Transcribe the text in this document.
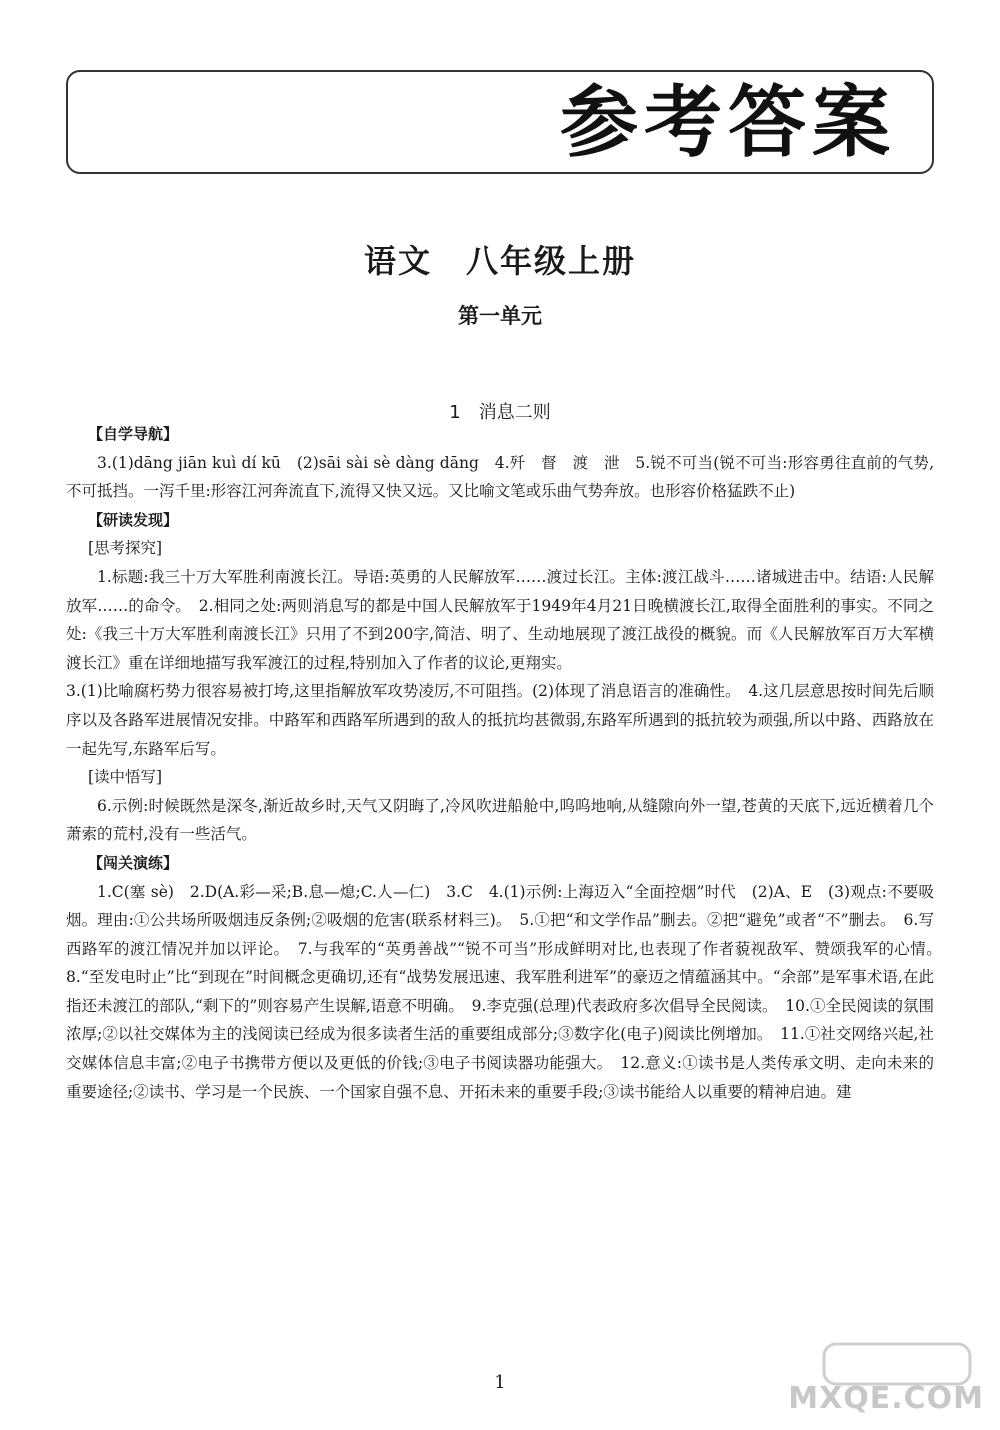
参考答案
语文　八年级上册
第一单元
1　消息二则
【自学导航】
3.(1)dāng jiān kuì dí kū　(2)sāi sài sè dàng dāng　4.歼　督　渡　泄　5.锐不可当(锐不可当:形容勇往直前的气势,不可抵挡。一泻千里:形容江河奔流直下,流得又快又远。又比喻文笔或乐曲气势奔放。也形容价格猛跌不止)
【研读发现】
[思考探究]
1.标题:我三十万大军胜利南渡长江。导语:英勇的人民解放军……渡过长江。主体:渡江战斗……诸城进击中。结语:人民解放军……的命令。　2.相同之处:两则消息写的都是中国人民解放军于1949年4月21日晚横渡长江,取得全面胜利的事实。不同之处:《我三十万大军胜利南渡长江》只用了不到200字,简洁、明了、生动地展现了渡江战役的概貌。而《人民解放军百万大军横渡长江》重在详细地描写我军渡江的过程,特别加入了作者的议论,更翔实。
3.(1)比喻腐朽势力很容易被打垮,这里指解放军攻势凌厉,不可阻挡。(2)体现了消息语言的准确性。　4.这几层意思按时间先后顺序以及各路军进展情况安排。中路军和西路军所遇到的敌人的抵抗均甚微弱,东路军所遇到的抵抗较为顽强,所以中路、西路放在一起先写,东路军后写。
[读中悟写]
6.示例:时候既然是深冬,渐近故乡时,天气又阴晦了,冷风吹进船舱中,呜呜地响,从缝隙向外一望,苍黄的天底下,远近横着几个萧索的荒村,没有一些活气。
【闯关演练】
1.C(塞 sè)　2.D(A.彩—采;B.息—熄;C.人—仁)　3.C　4.(1)示例:上海迈入“全面控烟”时代　(2)A、E　(3)观点:不要吸烟。理由:①公共场所吸烟违反条例;②吸烟的危害(联系材料三)。　5.①把“和文学作品”删去。②把“避免”或者“不”删去。　6.写西路军的渡江情况并加以评论。　7.与我军的“英勇善战”“锐不可当”形成鲜明对比,也表现了作者藐视敌军、赞颂我军的心情。　8.“至发电时止”比“到现在”时间概念更确切,还有“战势发展迅速、我军胜利进军”的豪迈之情蕴涵其中。“余部”是军事术语,在此指还未渡江的部队,“剩下的”则容易产生误解,语意不明确。　9.李克强(总理)代表政府多次倡导全民阅读。　10.①全民阅读的氛围浓厚;②以社交媒体为主的浅阅读已经成为很多读者生活的重要组成部分;③数字化(电子)阅读比例增加。　11.①社交网络兴起,社交媒体信息丰富;②电子书携带方便以及更低的价钱;③电子书阅读器功能强大。　12.意义:①读书是人类传承文明、走向未来的重要途径;②读书、学习是一个民族、一个国家自强不息、开拓未来的重要手段;③读书能给人以重要的精神启迪。建
1	MXQE.COM
